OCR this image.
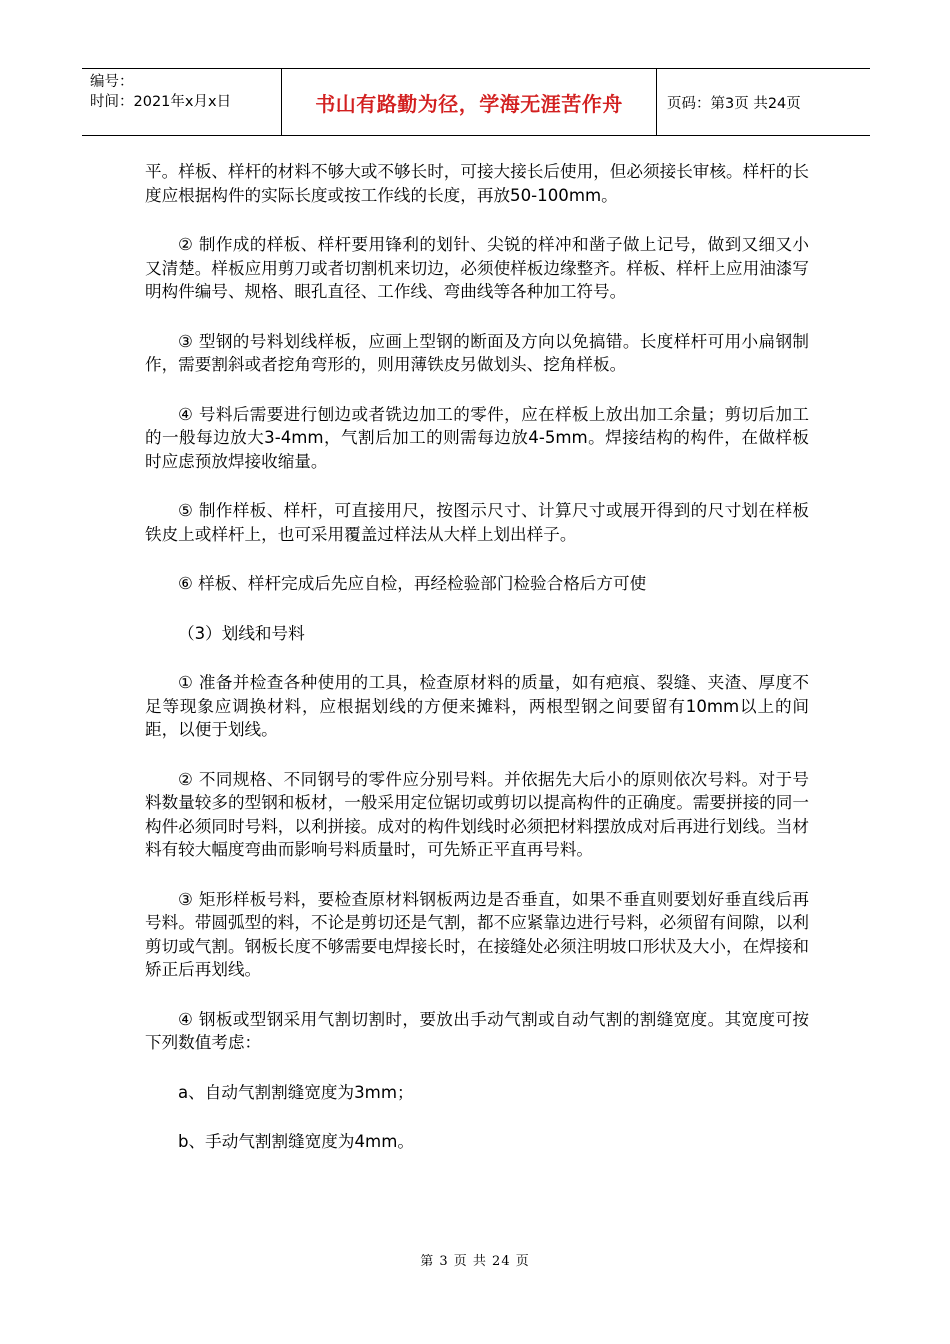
编号：
时间：2021年x月x日	书山有路勤为径，学海无涯苦作舟	页码：第3页 共24页

平。样板、样杆的材料不够大或不够长时，可接大接长后使用，但必须接长审核。样杆的长度应根据构件的实际长度或按工作线的长度，再放50-100mm。

② 制作成的样板、样杆要用锋利的划针、尖锐的样冲和凿子做上记号，做到又细又小又清楚。样板应用剪刀或者切割机来切边，必须使样板边缘整齐。样板、样杆上应用油漆写明构件编号、规格、眼孔直径、工作线、弯曲线等各种加工符号。

③ 型钢的号料划线样板，应画上型钢的断面及方向以免搞错。长度样杆可用小扁钢制作，需要割斜或者挖角弯形的，则用薄铁皮另做划头、挖角样板。

④ 号料后需要进行刨边或者铣边加工的零件，应在样板上放出加工余量；剪切后加工的一般每边放大3-4mm，气割后加工的则需每边放4-5mm。焊接结构的构件，在做样板时应虑预放焊接收缩量。

⑤ 制作样板、样杆，可直接用尺，按图示尺寸、计算尺寸或展开得到的尺寸划在样板铁皮上或样杆上，也可采用覆盖过样法从大样上划出样子。

⑥ 样板、样杆完成后先应自检，再经检验部门检验合格后方可使

（3）划线和号料

① 准备并检查各种使用的工具，检查原材料的质量，如有疤痕、裂缝、夹渣、厚度不足等现象应调换材料，应根据划线的方便来摊料，两根型钢之间要留有10mm以上的间距，以便于划线。

② 不同规格、不同钢号的零件应分别号料。并依据先大后小的原则依次号料。对于号料数量较多的型钢和板材，一般采用定位锯切或剪切以提高构件的正确度。需要拼接的同一构件必须同时号料，以利拼接。成对的构件划线时必须把材料摆放成对后再进行划线。当材料有较大幅度弯曲而影响号料质量时，可先矫正平直再号料。

③ 矩形样板号料，要检查原材料钢板两边是否垂直，如果不垂直则要划好垂直线后再号料。带圆弧型的料，不论是剪切还是气割，都不应紧靠边进行号料，必须留有间隙，以利剪切或气割。钢板长度不够需要电焊接长时，在接缝处必须注明坡口形状及大小，在焊接和矫正后再划线。

④ 钢板或型钢采用气割切割时，要放出手动气割或自动气割的割缝宽度。其宽度可按下列数值考虑：

a、自动气割割缝宽度为3mm；

b、手动气割割缝宽度为4mm。

第 3 页 共 24 页
